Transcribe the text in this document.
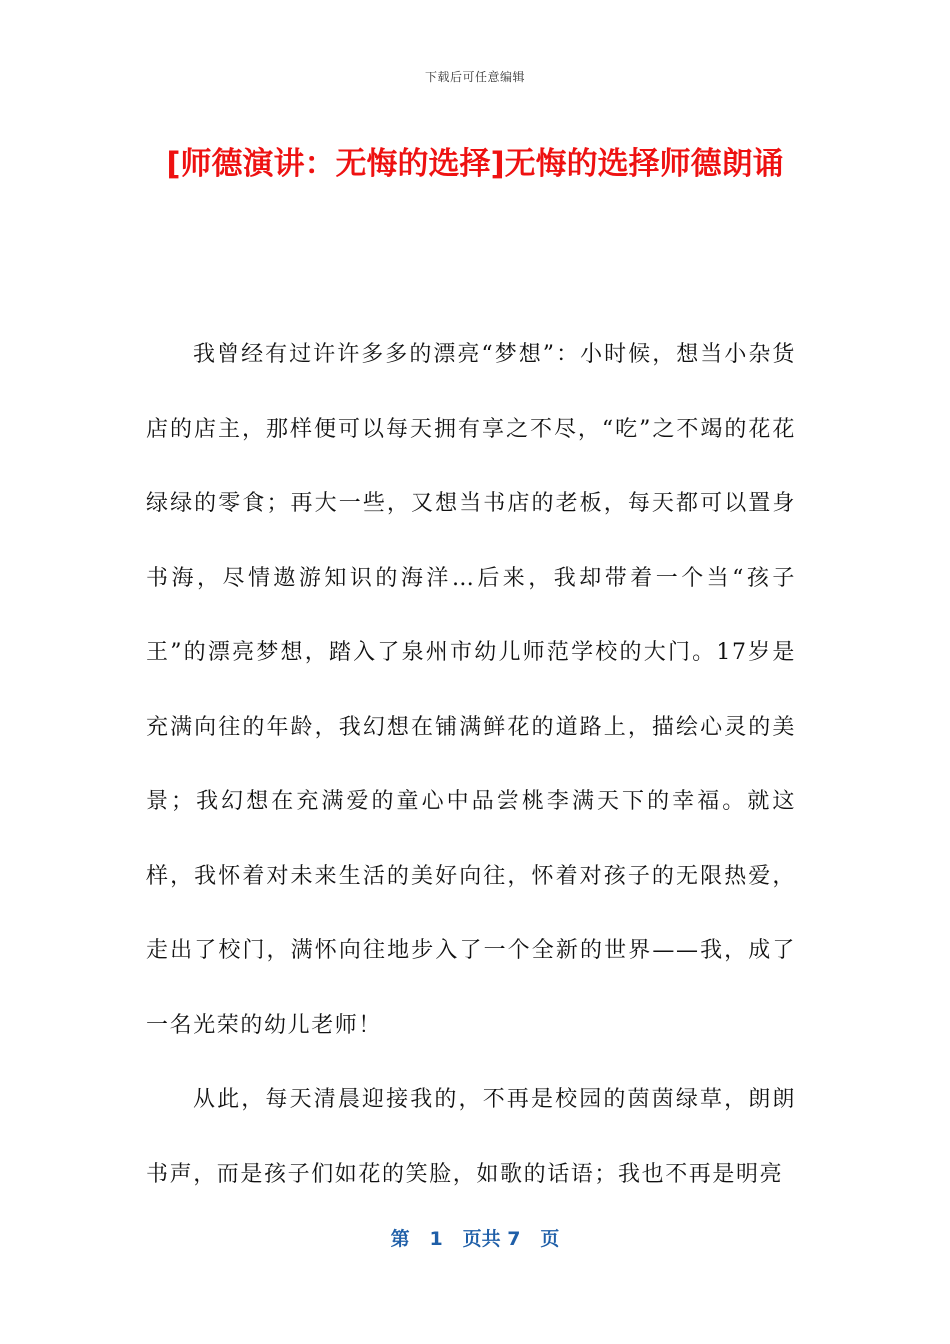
下载后可任意编辑
[师德演讲：无悔的选择]无悔的选择师德朗诵

我曾经有过许许多多的漂亮“梦想”：小时候，想当小杂货店的店主，那样便可以每天拥有享之不尽，“吃”之不竭的花花绿绿的零食；再大一些，又想当书店的老板，每天都可以置身书海，尽情遨游知识的海洋…后来，我却带着一个当“孩子王”的漂亮梦想，踏入了泉州市幼儿师范学校的大门。17岁是充满向往的年龄，我幻想在铺满鲜花的道路上，描绘心灵的美景；我幻想在充满爱的童心中品尝桃李满天下的幸福。就这样，我怀着对未来生活的美好向往，怀着对孩子的无限热爱，走出了校门，满怀向往地步入了一个全新的世界——我，成了一名光荣的幼儿老师！

从此，每天清晨迎接我的，不再是校园的茵茵绿草，朗朗书声，而是孩子们如花的笑脸，如歌的话语；我也不再是明亮

第 1 页共 7 页
